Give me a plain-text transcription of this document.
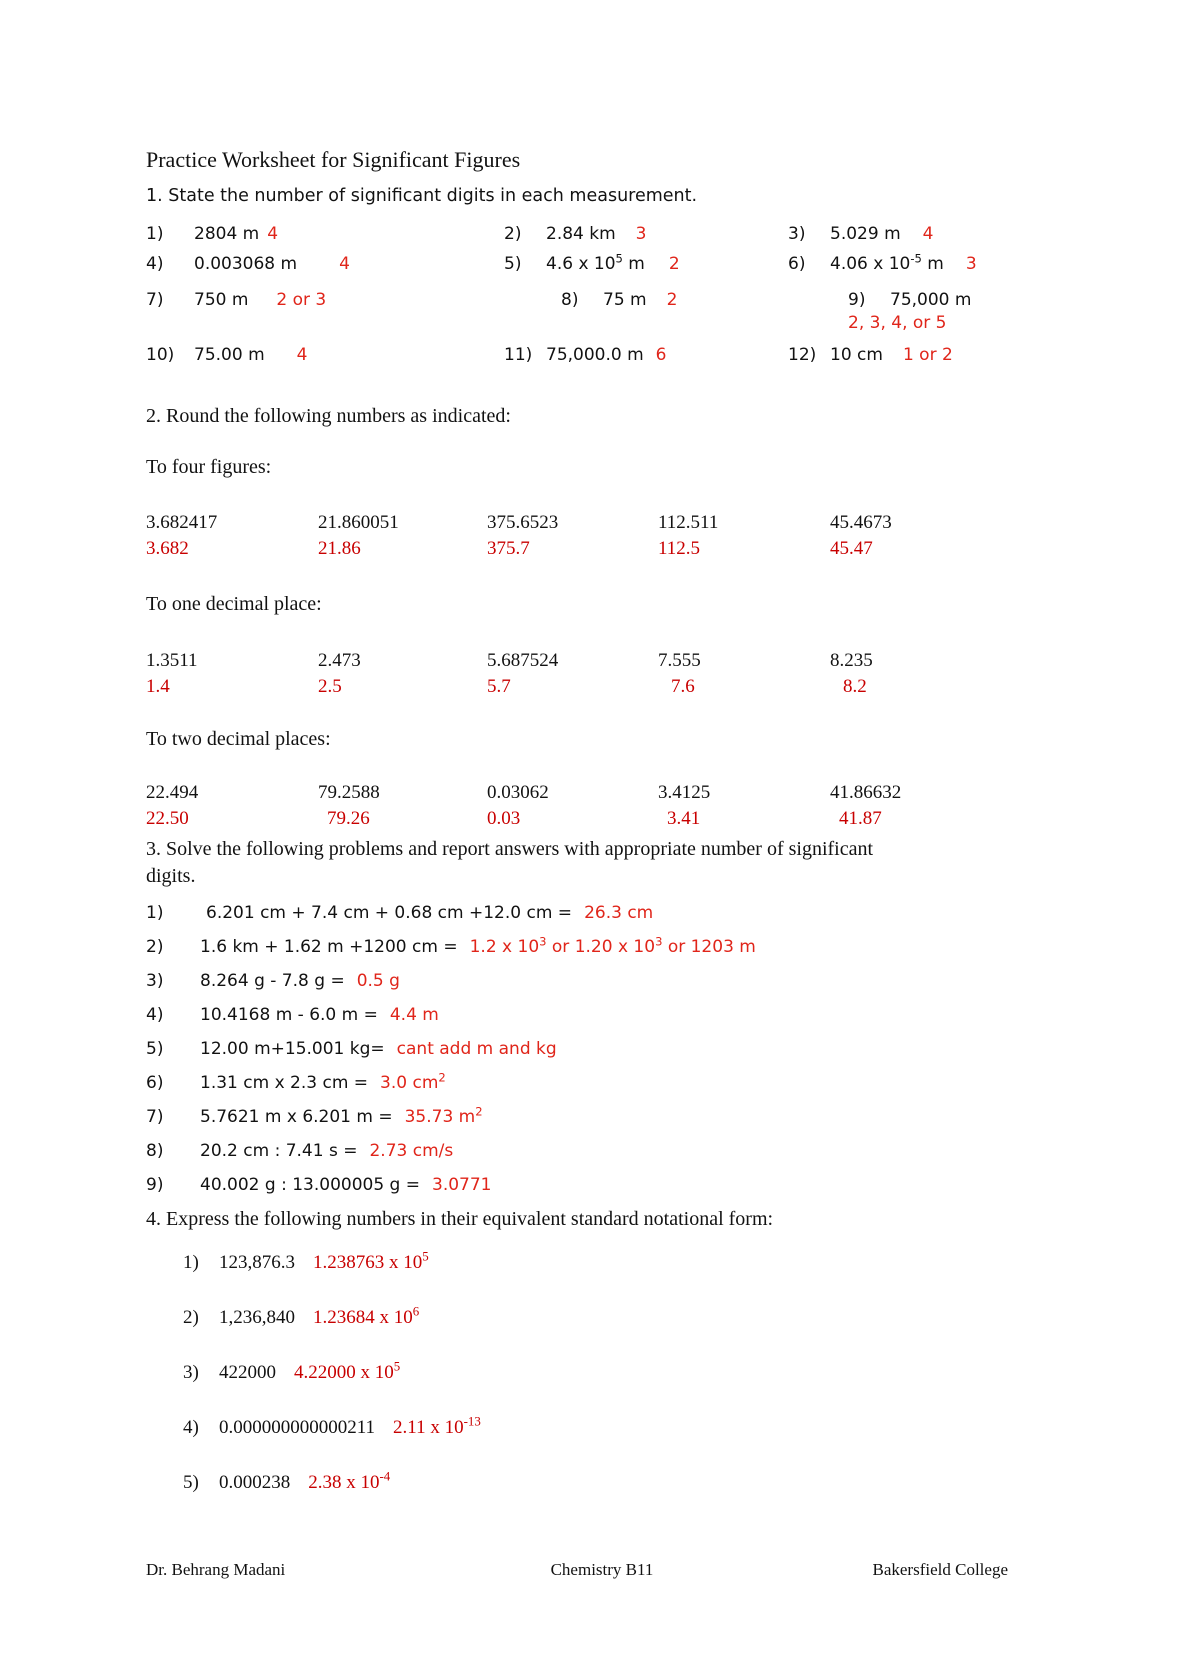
Practice Worksheet for Significant Figures
1. State the number of significant digits in each measurement.
1) 2804 m 4	2) 2.84 km 3	3) 5.029 m 4
4) 0.003068 m 4	5) 4.6 x $10^5$ m 2	6) 4.06 x $10^{-5}$ m 3
7) 750 m 2 or 3	8) 75 m 2	9) 75,000 m
2, 3, 4, or 5
10) 75.00 m 4	11) 75,000.0 m 6	12) 10 cm 1 or 2
2. Round the following numbers as indicated:
To four figures:
3.682417	21.860051	375.6523	112.511	45.4673
3.682	21.86	375.7	112.5	45.47
To one decimal place:
1.3511	2.473	5.687524	7.555	8.235
1.4	2.5	5.7	7.6	8.2
To two decimal places:
22.494	79.2588	0.03062	3.4125	41.86632
22.50	79.26	0.03	3.41	41.87
3. Solve the following problems and report answers with appropriate number of significant
digits.
1)	6.201 cm + 7.4 cm + 0.68 cm +12.0 cm = 26.3 cm
2)	1.6 km + 1.62 m +1200 cm = 1.2 x $10^3$ or 1.20 x $10^3$ or 1203 m
3)	8.264 g - 7.8 g = 0.5 g
4)	10.4168 m - 6.0 m = 4.4 m
5)	12.00 m+15.001 kg= cant add m and kg
6)	1.31 cm x 2.3 cm = 3.0 $cm^2$
7)	5.7621 m x 6.201 m = 35.73 $m^2$
8)	20.2 cm : 7.41 s = 2.73 cm/s
9)	40.002 g : 13.000005 g = 3.0771
4. Express the following numbers in their equivalent standard notational form:
1)	123,876.3 1.238763 x $10^5$
2)	1,236,840 1.23684 x $10^6$
3)	422000 4.22000 x $10^5$
4)	0.000000000000211 2.11 x $10^{-13}$
5)	0.000238 2.38 x $10^{-4}$
Dr. Behrang Madani	Chemistry B11	Bakersfield College
